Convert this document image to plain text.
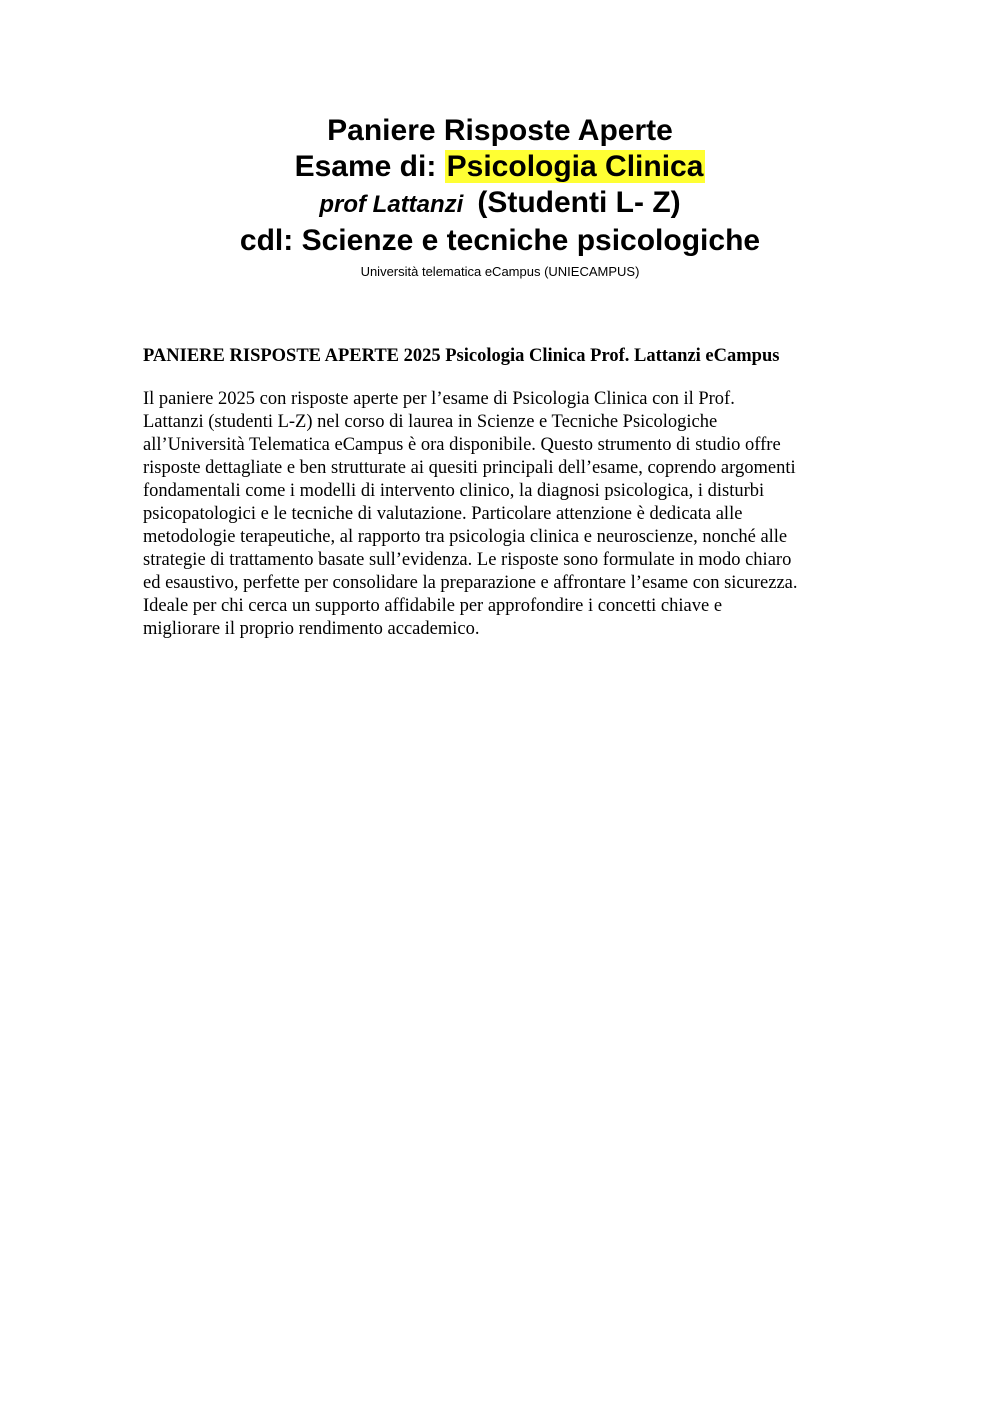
Paniere Risposte Aperte
Esame di: Psicologia Clinica
prof Lattanzi (Studenti L- Z)
cdl: Scienze e tecniche psicologiche
Università telematica eCampus (UNIECAMPUS)
PANIERE RISPOSTE APERTE 2025 Psicologia Clinica Prof. Lattanzi eCampus

Il paniere 2025 con risposte aperte per l’esame di Psicologia Clinica con il Prof.
Lattanzi (studenti L-Z) nel corso di laurea in Scienze e Tecniche Psicologiche
all’Università Telematica eCampus è ora disponibile. Questo strumento di studio offre
risposte dettagliate e ben strutturate ai quesiti principali dell’esame, coprendo argomenti
fondamentali come i modelli di intervento clinico, la diagnosi psicologica, i disturbi
psicopatologici e le tecniche di valutazione. Particolare attenzione è dedicata alle
metodologie terapeutiche, al rapporto tra psicologia clinica e neuroscienze, nonché alle
strategie di trattamento basate sull’evidenza. Le risposte sono formulate in modo chiaro
ed esaustivo, perfette per consolidare la preparazione e affrontare l’esame con sicurezza.
Ideale per chi cerca un supporto affidabile per approfondire i concetti chiave e
migliorare il proprio rendimento accademico.
